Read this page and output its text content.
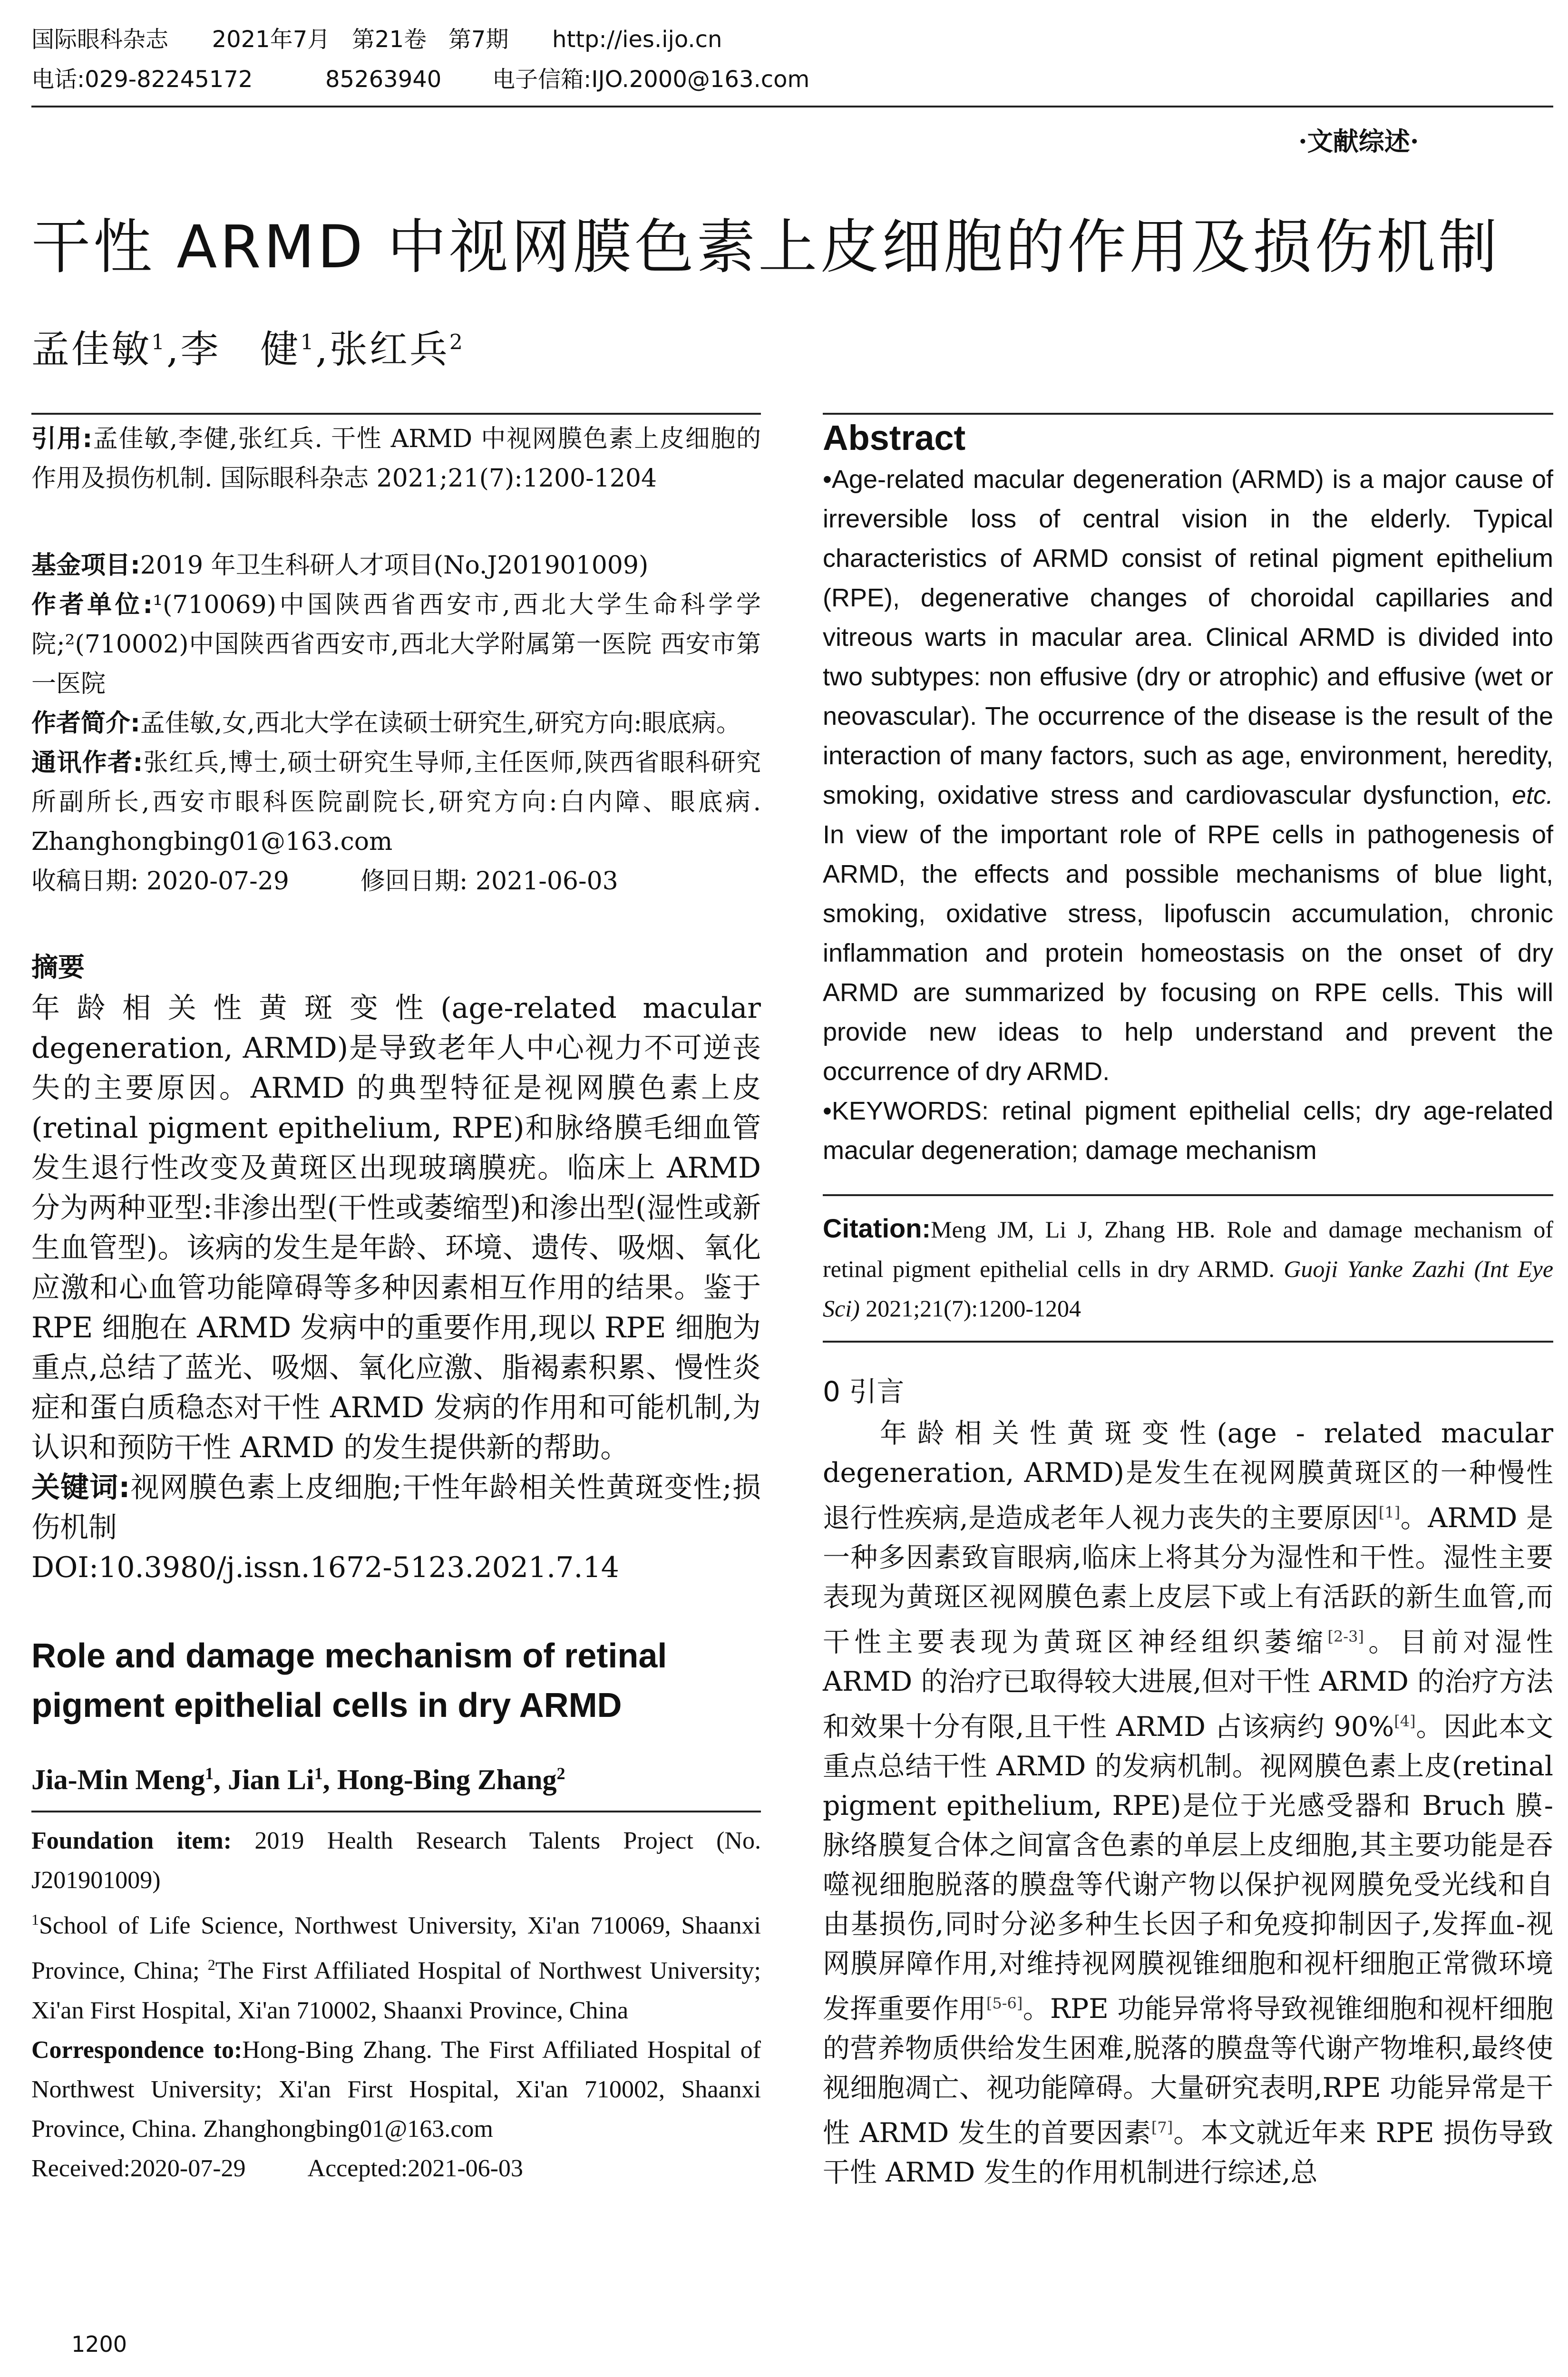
国际眼科杂志 2021年7月 第21卷 第7期 http://ies.ijo.cn
电话:029-82245172	85263940 电子信箱:IJO.2000@163.com
·文献综述·
干性 ARMD 中视网膜色素上皮细胞的作用及损伤机制
孟佳敏$^1$,李　健$^1$,张红兵$^2$

引用:孟佳敏,李健,张红兵. 干性 ARMD 中视网膜色素上皮细胞的作用及损伤机制. 国际眼科杂志 2021;21(7):1200-1204

基金项目:2019 年卫生科研人才项目(No.J201901009)

作者单位:¹(710069)中国陕西省西安市,西北大学生命科学学院;²(710002)中国陕西省西安市,西北大学附属第一医院 西安市第一医院

作者简介:孟佳敏,女,西北大学在读硕士研究生,研究方向:眼底病。

通讯作者:张红兵,博士,硕士研究生导师,主任医师,陕西省眼科研究所副所长,西安市眼科医院副院长,研究方向:白内障、眼底病. Zhanghongbing01@163.com

收稿日期: 2020-07-29	修回日期: 2021-06-03

摘要

年龄相关性黄斑变性(age-related macular degeneration, ARMD)是导致老年人中心视力不可逆丧失的主要原因。ARMD 的典型特征是视网膜色素上皮(retinal pigment epithelium, RPE)和脉络膜毛细血管发生退行性改变及黄斑区出现玻璃膜疣。临床上 ARMD 分为两种亚型:非渗出型(干性或萎缩型)和渗出型(湿性或新生血管型)。该病的发生是年龄、环境、遗传、吸烟、氧化应激和心血管功能障碍等多种因素相互作用的结果。鉴于 RPE 细胞在 ARMD 发病中的重要作用,现以 RPE 细胞为重点,总结了蓝光、吸烟、氧化应激、脂褐素积累、慢性炎症和蛋白质稳态对干性 ARMD 发病的作用和可能机制,为认识和预防干性 ARMD 的发生提供新的帮助。

关键词:视网膜色素上皮细胞;干性年龄相关性黄斑变性;损伤机制

DOI:10.3980/j.issn.1672-5123.2021.7.14

Role and damage mechanism of retinal pigment epithelial cells in dry ARMD

Jia-Min Meng$^1$, Jian Li$^1$, Hong-Bing Zhang$^2$

Foundation item: 2019 Health Research Talents Project (No. J201901009)

$^1$School of Life Science, Northwest University, Xi'an 710069, Shaanxi Province, China; $^2$The First Affiliated Hospital of Northwest University; Xi'an First Hospital, Xi'an 710002, Shaanxi Province, China

Correspondence to:Hong-Bing Zhang. The First Affiliated Hospital of Northwest University; Xi'an First Hospital, Xi'an 710002, Shaanxi Province, China. Zhanghongbing01@163.com

Received:2020-07-29	Accepted:2021-06-03

Abstract

•Age-related macular degeneration (ARMD) is a major cause of irreversible loss of central vision in the elderly. Typical characteristics of ARMD consist of retinal pigment epithelium (RPE), degenerative changes of choroidal capillaries and vitreous warts in macular area. Clinical ARMD is divided into two subtypes: non effusive (dry or atrophic) and effusive (wet or neovascular). The occurrence of the disease is the result of the interaction of many factors, such as age, environment, heredity, smoking, oxidative stress and cardiovascular dysfunction, etc. In view of the important role of RPE cells in pathogenesis of ARMD, the effects and possible mechanisms of blue light, smoking, oxidative stress, lipofuscin accumulation, chronic inflammation and protein homeostasis on the onset of dry ARMD are summarized by focusing on RPE cells. This will provide new ideas to help understand and prevent the occurrence of dry ARMD.

•KEYWORDS: retinal pigment epithelial cells; dry age-related macular degeneration; damage mechanism

Citation:Meng JM, Li J, Zhang HB. Role and damage mechanism of retinal pigment epithelial cells in dry ARMD. Guoji Yanke Zazhi (Int Eye Sci) 2021;21(7):1200-1204

0 引言

年龄相关性黄斑变性(age - related macular degeneration, ARMD)是发生在视网膜黄斑区的一种慢性退行性疾病,是造成老年人视力丧失的主要原因[1]。ARMD 是一种多因素致盲眼病,临床上将其分为湿性和干性。湿性主要表现为黄斑区视网膜色素上皮层下或上有活跃的新生血管,而干性主要表现为黄斑区神经组织萎缩[2-3]。目前对湿性 ARMD 的治疗已取得较大进展,但对干性 ARMD 的治疗方法和效果十分有限,且干性 ARMD 占该病约 90%[4]。因此本文重点总结干性 ARMD 的发病机制。视网膜色素上皮(retinal pigment epithelium, RPE)是位于光感受器和 Bruch 膜-脉络膜复合体之间富含色素的单层上皮细胞,其主要功能是吞噬视细胞脱落的膜盘等代谢产物以保护视网膜免受光线和自由基损伤,同时分泌多种生长因子和免疫抑制因子,发挥血-视网膜屏障作用,对维持视网膜视锥细胞和视杆细胞正常微环境发挥重要作用[5-6]。RPE 功能异常将导致视锥细胞和视杆细胞的营养物质供给发生困难,脱落的膜盘等代谢产物堆积,最终使视细胞凋亡、视功能障碍。大量研究表明,RPE 功能异常是干性 ARMD 发生的首要因素[7]。本文就近年来 RPE 损伤导致干性 ARMD 发生的作用机制进行综述,总

1200
